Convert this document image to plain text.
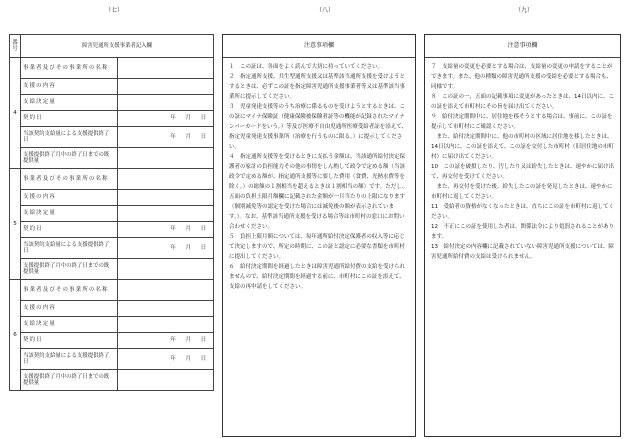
（七）	（八）	（九）
番号	障害児通所支援事業者記入欄	
4	事業者及びその事業所の名称	
	支援の内容	
	支給決定量	
	契約日	年 月 日

	当該契約支給量による支援提供終了日	年 月 日

	支援提供終了月中の終了日までの既提供量	
5	事業者及びその事業所の名称	
	支援の内容	
	支給決定量	
	契約日	年 月 日

	当該契約支給量による支援提供終了日	年 月 日

	支援提供終了月中の終了日までの既提供量	
6	事業者及びその事業所の名称	
	支援の内容	
	支給決定量	
	契約日	年 月 日

	当該契約支給量による支援提供終了日	年 月 日

	支援提供終了月中の終了日までの既提供量	
注意事項欄

１　この証は、各面をよく読んで大切に持っていてください。

２　指定通所支援、共生型通所支援又は基準該当通所支援を受けようとするときは、必ずこの証を指定障害児通所支援事業者等又は基準該当事業所に提示してください。

３　児童発達支援等のうち治療に係るものを受けようとするときは、この証にマイナ保険証（健康保険被保険者証等の機能が記録されたマイナンバーカードをいう。）等及び医療不自由児通所医療受給者証を添えて、指定児童発達支援事業所（治療を行うものに限る。）に提示してください。

４　指定通所支援等を受けるときに支払う金額は、当該通所給付決定保護者の家計の負担能力その他の事情をしん酌して政令で定める額（当該政令で定める額が、指定通所支援等に要した費用（食費、光熱水費等を除く。）の総額の１割相当を超えるときは１割相当の額）です。ただし、五面の負担上限月額欄に記載された金額が一月当たりの上限になります（個別減免等の認定を受けた場合には減免後の額が表示されています。）。なお、基準該当通所支援を受ける場合等は市町村の窓口にお問い合わせください。

５　負担上限月額については、毎年通所給付決定保護者の収入等に応じて決定しますので、所定の時期に、この証と認定に必要な書類を市町村に提出してください。

６　給付決定期間を経過したときは障害児通所給付費の支給を受けられませんので、給付決定期間を経過する前に、市町村にこの証を添えて、支給の再申請をしてください。

注意事項欄

７　支給量の変更を必要とする場合は、支給量の変更の申請をすることができます。また、他の種類の障害児通所支援の受給を必要とする場合も、同様です。

８　この証の一、五面の記載事項に変更があったときは、14日以内に、この証を添えて市町村にその旨を届け出てください。

９　給付決定期間中に、居住地を移そうとする場合は、事前に、この証を提示して市町村にご確認ください。

　また、給付決定期間中に、他の市町村の区域に居住地を移したときは、14日以内に、この証を添えて、この証を交付した市町村（旧居住地の市町村）に届け出てください。

10　この証を破損したり、汚したり又は紛失したときは、速やかに届け出て、再交付を受けてください。

　また、再交付を受けた後、紛失したこの証を発見したときは、速やかに市町村に返してください。

11　受給者の資格がなくなったときは、直ちにこの証を市町村に返してください。

12　不正にこの証を使用した者は、関係法令により処罰されることがあります。

13　給付決定の内容欄に記載されていない障害児通所支援については、障害児通所給付費の支給は受けられません。
